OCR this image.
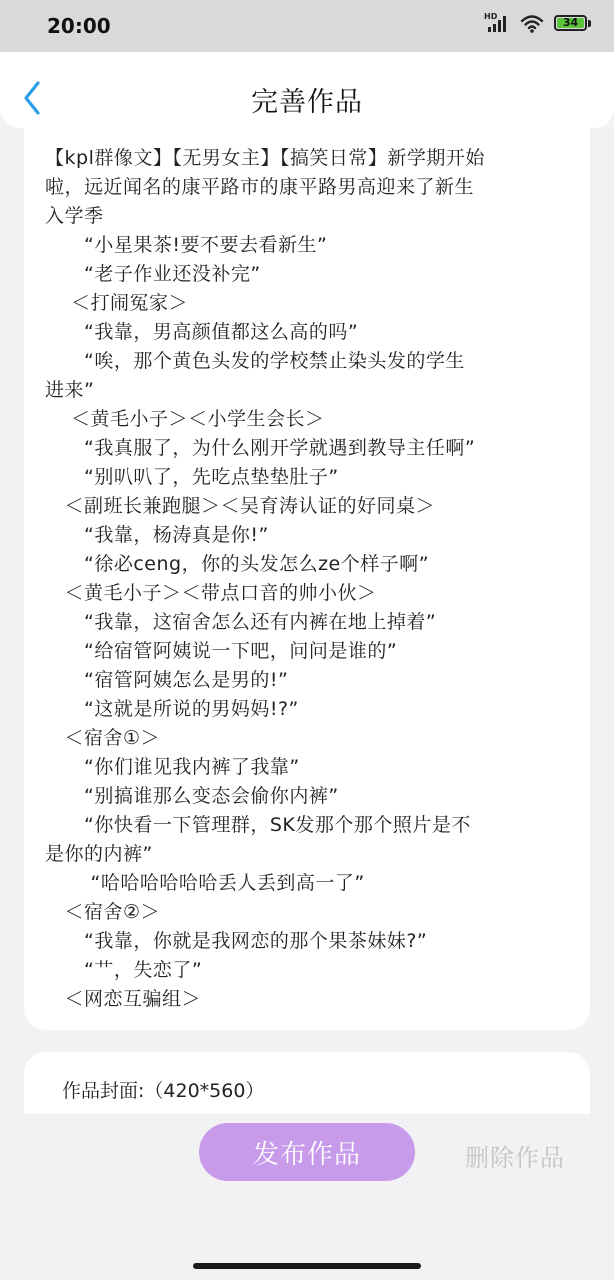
20:00	HD	34
完善作品
【kpl群像文】【无男女主】【搞笑日常】新学期开始
啦，远近闻名的康平路市的康平路男高迎来了新生
入学季
　　“小星果茶!要不要去看新生”
　　“老子作业还没补完”
　 ＜打闹冤家＞
　　“我靠，男高颜值都这么高的吗”
　　“唉，那个黄色头发的学校禁止染头发的学生
进来”
　 ＜黄毛小子＞＜小学生会长＞
　　“我真服了，为什么刚开学就遇到教导主任啊”
　　“别叭叭了，先吃点垫垫肚子”
　＜副班长兼跑腿＞＜吴育涛认证的好同桌＞
　　“我靠，杨涛真是你!”
　　“徐必ceng，你的头发怎么ze个样子啊”
　＜黄毛小子＞＜带点口音的帅小伙＞
　　“我靠，这宿舍怎么还有内裤在地上掉着”
　　“给宿管阿姨说一下吧，问问是谁的”
　　“宿管阿姨怎么是男的!”
　　“这就是所说的男妈妈!?”
　＜宿舍①＞
　　“你们谁见我内裤了我靠”
　　“别搞谁那么变态会偷你内裤”
　　“你快看一下管理群，SK发那个那个照片是不
是你的内裤”
　　 “哈哈哈哈哈哈丢人丢到高一了”
　＜宿舍②＞
　　“我靠，你就是我网恋的那个果茶妹妹?”
　　“艹，失恋了”
　＜网恋互骗组＞
作品封面:（420*560）
发布作品	删除作品
